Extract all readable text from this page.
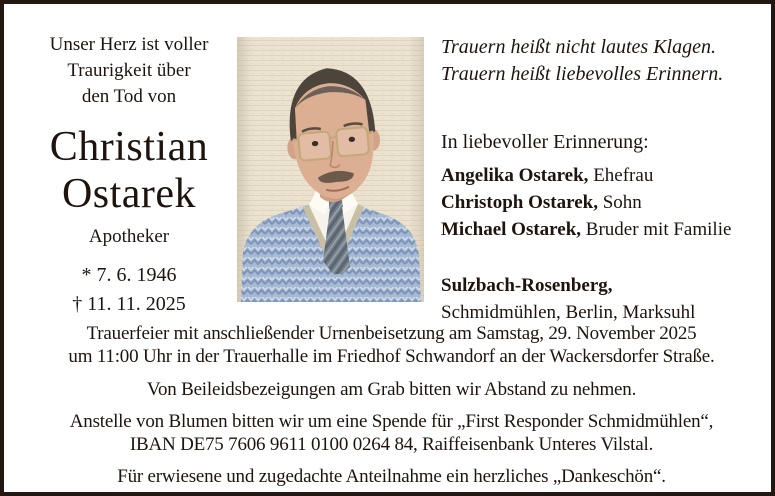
Unser Herz ist voller
Traurigkeit über
den Tod von
Christian
Ostarek
Apotheker
* 7. 6. 1946
† 11. 11. 2025
Trauern heißt nicht lautes Klagen.
Trauern heißt liebevolles Erinnern.
In liebevoller Erinnerung:
Angelika Ostarek, Ehefrau
Christoph Ostarek, Sohn
Michael Ostarek, Bruder mit Familie
Sulzbach-Rosenberg,
Schmidmühlen, Berlin, Marksuhl
Trauerfeier mit anschließender Urnenbeisetzung am Samstag, 29. November 2025
um 11:00 Uhr in der Trauerhalle im Friedhof Schwandorf an der Wackersdorfer Straße.
Von Beileidsbezeigungen am Grab bitten wir Abstand zu nehmen.
Anstelle von Blumen bitten wir um eine Spende für „First Responder Schmidmühlen“,
IBAN DE75 7606 9611 0100 0264 84, Raiffeisenbank Unteres Vilstal.
Für erwiesene und zugedachte Anteilnahme ein herzliches „Dankeschön“.
